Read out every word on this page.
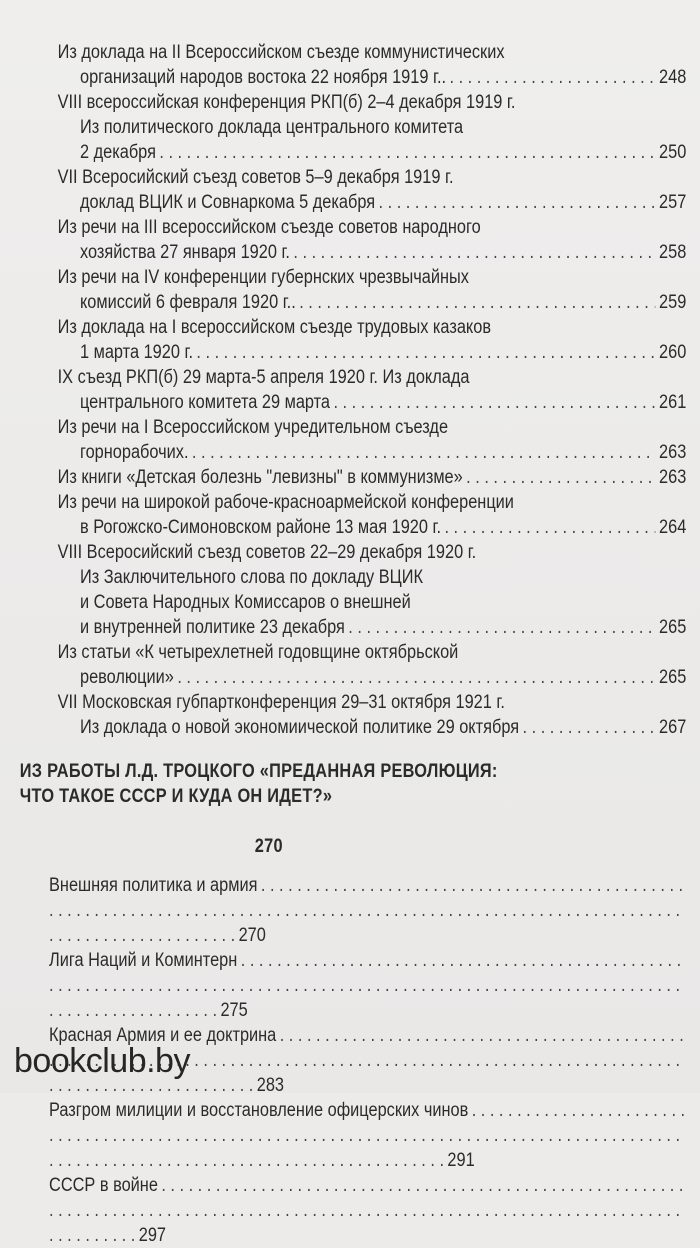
Из доклада на II Всероссийском съезде коммунистических
организаций народов востока 22 ноября 1919 г.. . . .	248
VIII всероссийская конференция РКП(б) 2–4 декабря 1919 г.
Из политического доклада центрального комитета
2 декабря . . .	250
VII Всеросийский съезд советов 5–9 декабря 1919 г.
доклад ВЦИК и Совнаркома 5 декабря . . .	257
Из речи на III всероссийском съезде советов народного
хозяйства 27 января 1920 г. . . .	258
Из речи на IV конференции губернских чрезвычайных
комиссий 6 февраля 1920 г.. . . .	259
Из доклада на I всероссийском съезде трудовых казаков
1 марта 1920 г. . . .	260
IX съезд РКП(б) 29 марта-5 апреля 1920 г. Из доклада
центрального комитета 29 марта . . .	261
Из речи на I Всероссийском учредительном съезде
горнорабочих. . . .	263
Из книги «Детская болезнь "левизны" в коммунизме» . . .	263
Из речи на широкой рабоче-красноармейской конференции
в Рогожско-Симоновском районе 13 мая 1920 г. . . .	264
VIII Всеросийский съезд советов 22–29 декабря 1920 г.
Из Заключительного слова по докладу ВЦИК
и Совета Народных Комиссаров о внешней
и внутренней политике 23 декабря . . .	265
Из статьи «К четырехлетней годовщине октябрьской
революции» . . .	265
VII Московская губпартконференция 29–31 октября 1921 г.
Из доклада о новой экономиической политике 29 октября . . .	267
ИЗ РАБОТЫ Л.Д. ТРОЦКОГО «ПРЕДАННАЯ РЕВОЛЮЦИЯ:
ЧТО ТАКОЕ СССР И КУДА ОН ИДЕТ?»270
Внешняя политика и армия . . .270
Лига Наций и Коминтерн . . .275
Красная Армия и ее доктрина . . .283
Разгром милиции и восстановление офицерских чинов . . .291
СССР в войне . . .297
bookclub.by
